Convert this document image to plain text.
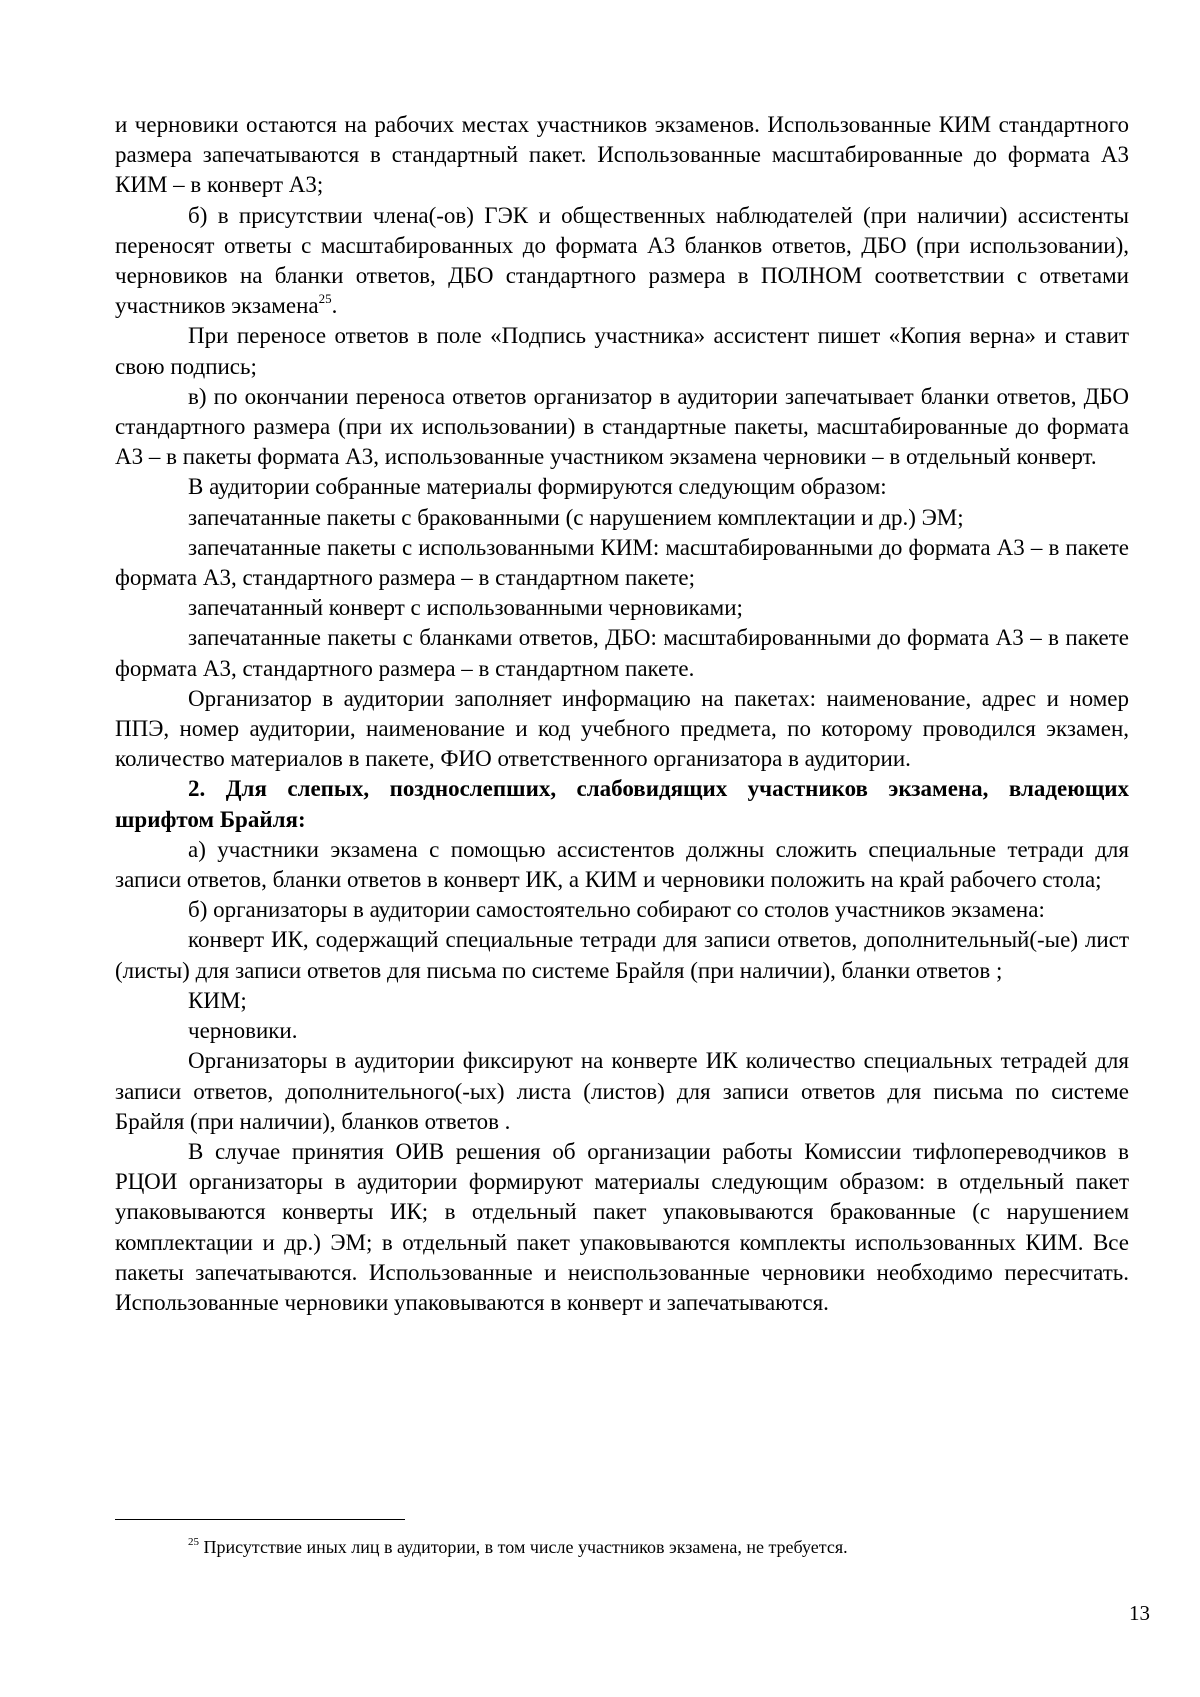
и черновики остаются на рабочих местах участников экзаменов. Использованные КИМ стандартного размера запечатываются в стандартный пакет. Использованные масштабированные до формата А3 КИМ – в конверт А3;

б) в присутствии члена(-ов) ГЭК и общественных наблюдателей (при наличии) ассистенты переносят ответы с масштабированных до формата А3 бланков ответов, ДБО (при использовании), черновиков на бланки ответов, ДБО стандартного размера в ПОЛНОМ соответствии с ответами участников экзамена$^{25}$.

При переносе ответов в поле «Подпись участника» ассистент пишет «Копия верна» и ставит свою подпись;

в) по окончании переноса ответов организатор в аудитории запечатывает бланки ответов, ДБО стандартного размера (при их использовании) в стандартные пакеты, масштабированные до формата А3 – в пакеты формата А3, использованные участником экзамена черновики – в отдельный конверт.

В аудитории собранные материалы формируются следующим образом:

запечатанные пакеты с бракованными (с нарушением комплектации и др.) ЭМ;

запечатанные пакеты с использованными КИМ: масштабированными до формата А3 – в пакете формата А3, стандартного размера – в стандартном пакете;

запечатанный конверт с использованными черновиками;

запечатанные пакеты с бланками ответов, ДБО: масштабированными до формата А3 – в пакете формата А3, стандартного размера – в стандартном пакете.

Организатор в аудитории заполняет информацию на пакетах: наименование, адрес и номер ППЭ, номер аудитории, наименование и код учебного предмета, по которому проводился экзамен, количество материалов в пакете, ФИО ответственного организатора в аудитории.

2. Для слепых, позднослепших, слабовидящих участников экзамена, владеющих шрифтом Брайля:

а) участники экзамена с помощью ассистентов должны сложить специальные тетради для записи ответов, бланки ответов в конверт ИК, а КИМ и черновики положить на край рабочего стола;

б) организаторы в аудитории самостоятельно собирают со столов участников экзамена:

конверт ИК, содержащий специальные тетради для записи ответов, дополнительный(-ые) лист (листы) для записи ответов для письма по системе Брайля (при наличии), бланки ответов ;

КИМ;

черновики.

Организаторы в аудитории фиксируют на конверте ИК количество специальных тетрадей для записи ответов, дополнительного(-ых) листа (листов) для записи ответов для письма по системе Брайля (при наличии), бланков ответов .

В случае принятия ОИВ решения об организации работы Комиссии тифлопереводчиков в РЦОИ организаторы в аудитории формируют материалы следующим образом: в отдельный пакет упаковываются конверты ИК; в отдельный пакет упаковываются бракованные (с нарушением комплектации и др.) ЭМ; в отдельный пакет упаковываются комплекты использованных КИМ. Все пакеты запечатываются. Использованные и неиспользованные черновики необходимо пересчитать. Использованные черновики упаковываются в конверт и запечатываются.

$^{25}$ Присутствие иных лиц в аудитории, в том числе участников экзамена, не требуется.
13
